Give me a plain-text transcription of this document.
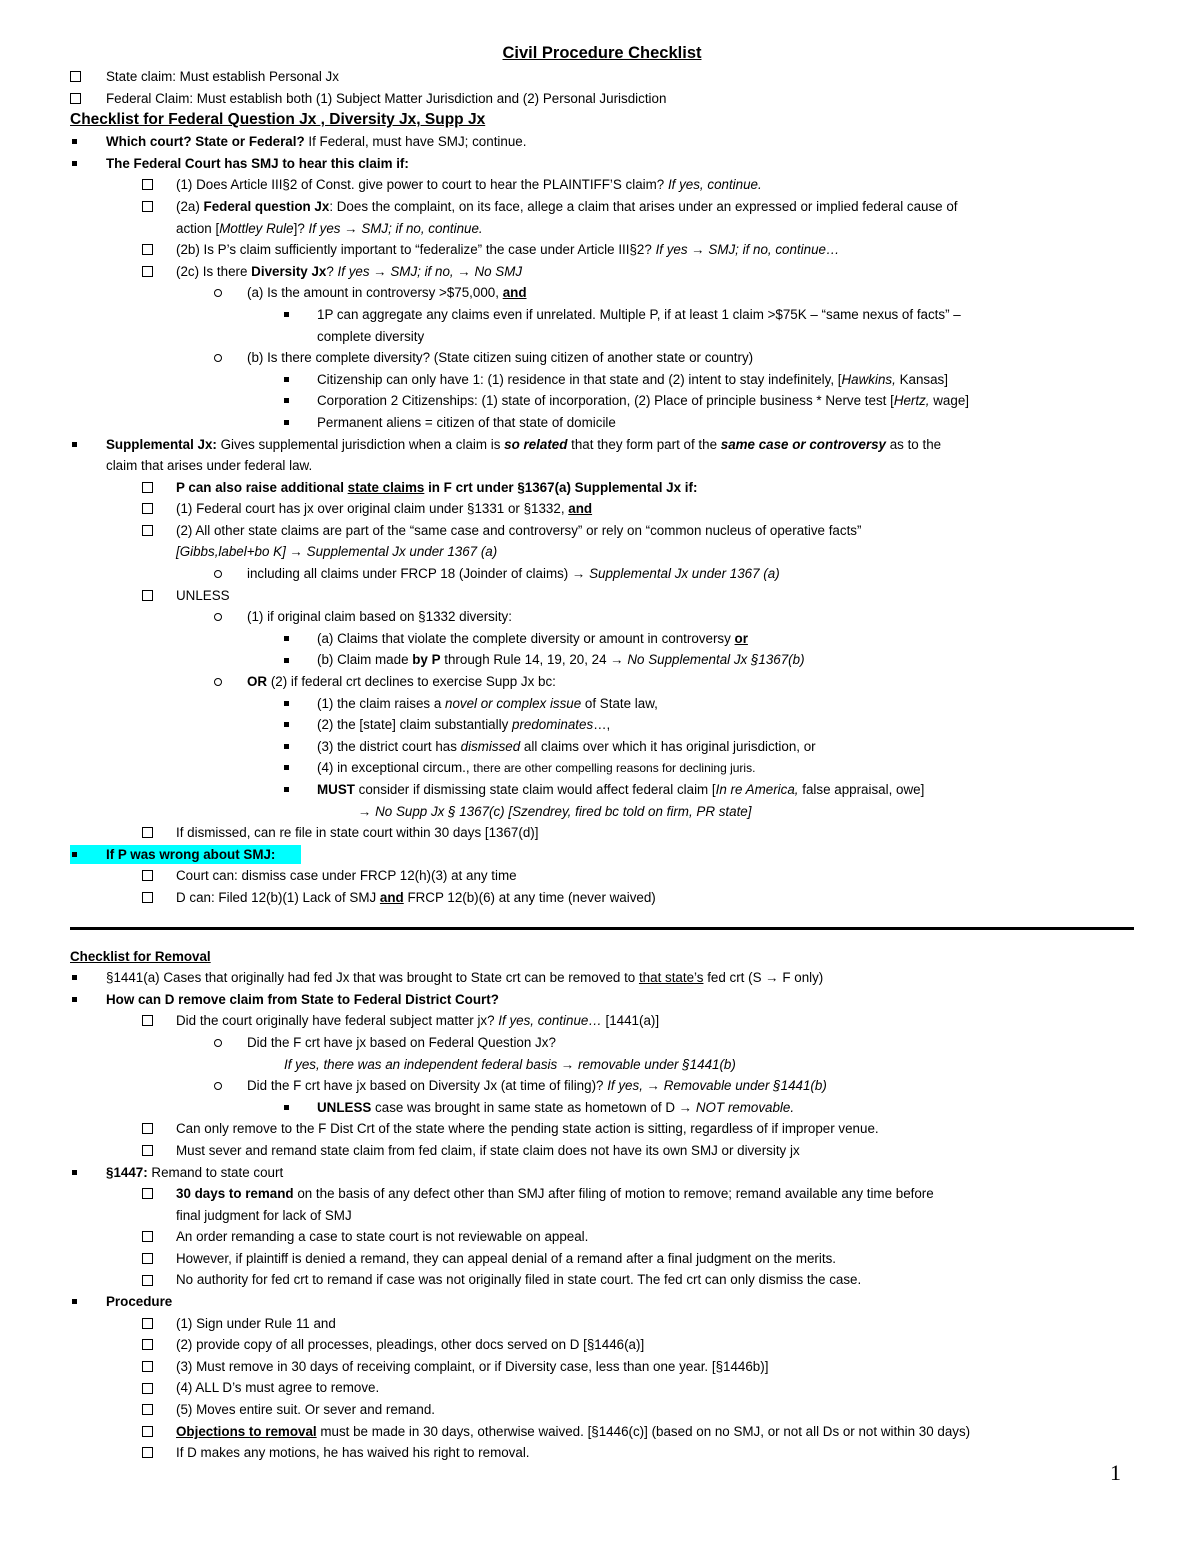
Civil Procedure Checklist
State claim: Must establish Personal Jx
Federal Claim: Must establish both (1) Subject Matter Jurisdiction and (2) Personal Jurisdiction
Checklist for Federal Question Jx , Diversity Jx, Supp Jx
Which court? State or Federal? If Federal, must have SMJ; continue.
The Federal Court has SMJ to hear this claim if:
(1) Does Article III§2 of Const. give power to court to hear the PLAINTIFF’S claim? If yes, continue.
(2a) Federal question Jx: Does the complaint, on its face, allege a claim that arises under an expressed or implied federal cause of
action [Mottley Rule]? If yes → SMJ; if no, continue.
(2b) Is P’s claim sufficiently important to “federalize” the case under Article III§2? If yes → SMJ; if no, continue…
(2c) Is there Diversity Jx? If yes → SMJ; if no, → No SMJ
(a) Is the amount in controversy >$75,000, and
1P can aggregate any claims even if unrelated. Multiple P, if at least 1 claim >$75K – “same nexus of facts” –
complete diversity
(b) Is there complete diversity? (State citizen suing citizen of another state or country)
Citizenship can only have 1: (1) residence in that state and (2) intent to stay indefinitely, [Hawkins, Kansas]
Corporation 2 Citizenships: (1) state of incorporation, (2) Place of principle business * Nerve test [Hertz, wage]
Permanent aliens = citizen of that state of domicile
Supplemental Jx: Gives supplemental jurisdiction when a claim is so related that they form part of the same case or controversy as to the
claim that arises under federal law.
P can also raise additional state claims in F crt under §1367(a) Supplemental Jx if:
(1) Federal court has jx over original claim under §1331 or §1332, and
(2) All other state claims are part of the “same case and controversy” or rely on “common nucleus of operative facts”
[Gibbs,label+bo K] → Supplemental Jx under 1367 (a)
including all claims under FRCP 18 (Joinder of claims) → Supplemental Jx under 1367 (a)
UNLESS
(1) if original claim based on §1332 diversity:
(a) Claims that violate the complete diversity or amount in controversy or
(b) Claim made by P through Rule 14, 19, 20, 24 → No Supplemental Jx §1367(b)
OR (2) if federal crt declines to exercise Supp Jx bc:
(1) the claim raises a novel or complex issue of State law,
(2) the [state] claim substantially predominates…,
(3) the district court has dismissed all claims over which it has original jurisdiction, or
(4) in exceptional circum., there are other compelling reasons for declining juris.
MUST consider if dismissing state claim would affect federal claim [In re America, false appraisal, owe]
→ No Supp Jx § 1367(c) [Szendrey, fired bc told on firm, PR state]
If dismissed, can re file in state court within 30 days [1367(d)]
If P was wrong about SMJ:
Court can: dismiss case under FRCP 12(h)(3) at any time
D can: Filed 12(b)(1) Lack of SMJ and FRCP 12(b)(6) at any time (never waived)
Checklist for Removal
§1441(a) Cases that originally had fed Jx that was brought to State crt can be removed to that state’s fed crt (S → F only)
How can D remove claim from State to Federal District Court?
Did the court originally have federal subject matter jx? If yes, continue… [1441(a)]
Did the F crt have jx based on Federal Question Jx?
If yes, there was an independent federal basis → removable under §1441(b)
Did the F crt have jx based on Diversity Jx (at time of filing)? If yes, → Removable under §1441(b)
UNLESS case was brought in same state as hometown of D → NOT removable.
Can only remove to the F Dist Crt of the state where the pending state action is sitting, regardless of if improper venue.
Must sever and remand state claim from fed claim, if state claim does not have its own SMJ or diversity jx
§1447: Remand to state court
30 days to remand on the basis of any defect other than SMJ after filing of motion to remove; remand available any time before
final judgment for lack of SMJ
An order remanding a case to state court is not reviewable on appeal.
However, if plaintiff is denied a remand, they can appeal denial of a remand after a final judgment on the merits.
No authority for fed crt to remand if case was not originally filed in state court. The fed crt can only dismiss the case.
Procedure
(1) Sign under Rule 11 and
(2) provide copy of all processes, pleadings, other docs served on D [§1446(a)]
(3) Must remove in 30 days of receiving complaint, or if Diversity case, less than one year. [§1446b)]
(4) ALL D’s must agree to remove.
(5) Moves entire suit. Or sever and remand.
Objections to removal must be made in 30 days, otherwise waived. [§1446(c)] (based on no SMJ, or not all Ds or not within 30 days)
If D makes any motions, he has waived his right to removal.
1
